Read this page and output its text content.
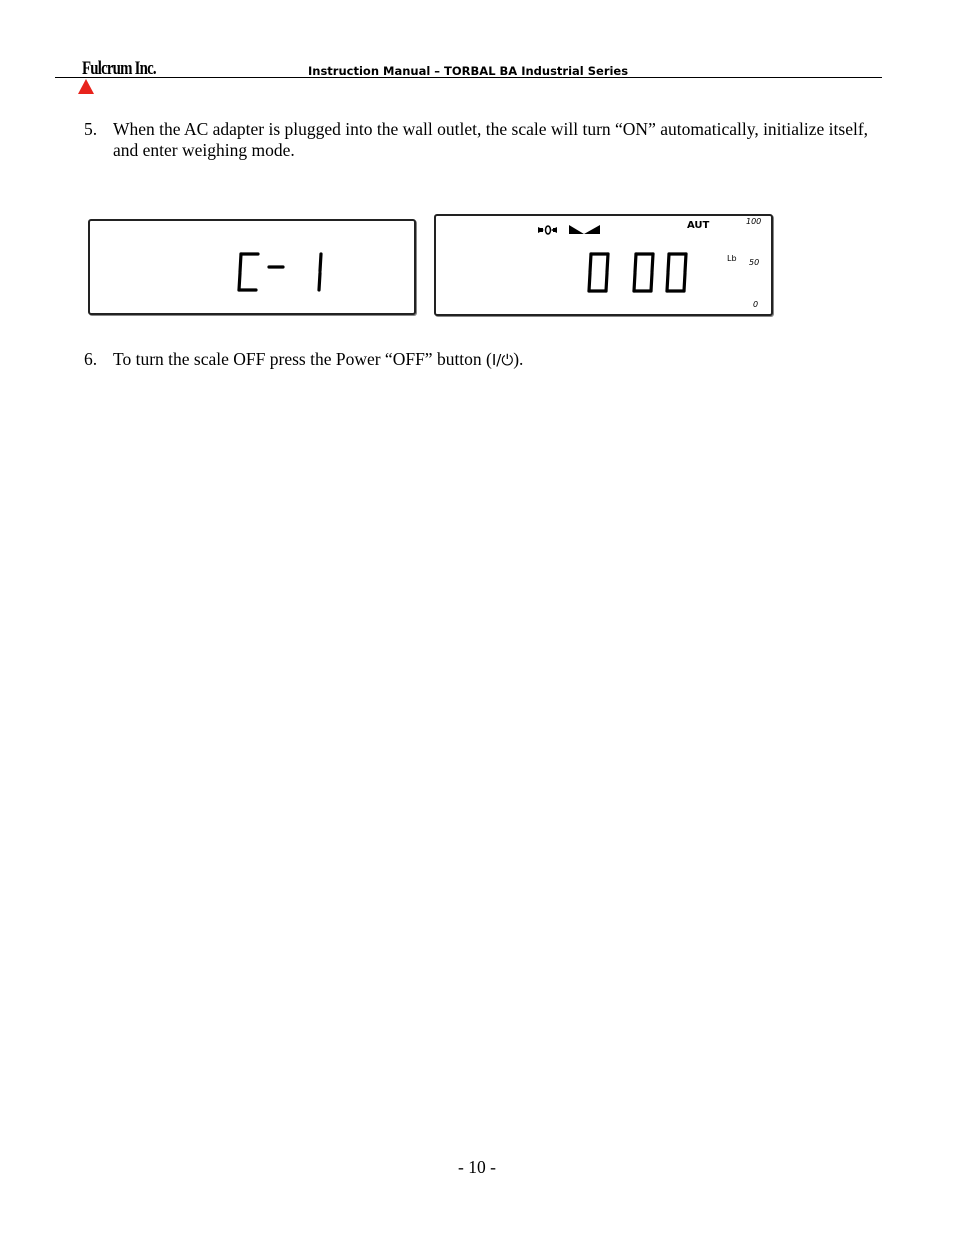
Fulcrum Inc.	Instruction Manual – TORBAL BA Industrial Series
5. When the AC adapter is plugged into the wall outlet, the scale will turn “ON” automatically, initialize itself, and enter weighing mode.
AUT
Lb
100
50
0
6. To turn the scale OFF press the Power “OFF” button (I/⏻).
- 10 -
